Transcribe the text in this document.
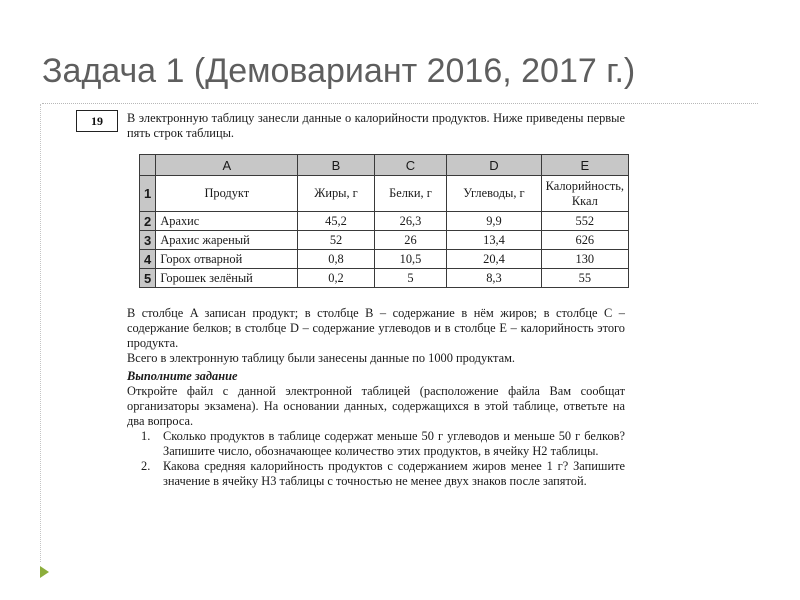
Задача 1 (Демовариант 2016, 2017 г.)
19	В электронную таблицу занесли данные о калорийности продуктов. Ниже приведены первые пять строк таблицы.
	A	B	C	D	E
1	Продукт	Жиры, г	Белки, г	Углеводы, г	Калорийность, Ккал
2	Арахис	45,2	26,3	9,9	552
3	Арахис жареный	52	26	13,4	626
4	Горох отварной	0,8	10,5	20,4	130
5	Горошек зелёный	0,2	5	8,3	55

В столбце A записан продукт; в столбце B – содержание в нём жиров; в столбце C – содержание белков; в столбце D – содержание углеводов и в столбце E – калорийность этого продукта.

Всего в электронную таблицу были занесены данные по 1000 продуктам.

Выполните задание

Откройте файл с данной электронной таблицей (расположение файла Вам сообщат организаторы экзамена). На основании данных, содержащихся в этой таблице, ответьте на два вопроса.

1.	Сколько продуктов в таблице содержат меньше 50 г углеводов и меньше 50 г белков? Запишите число, обозначающее количество этих продуктов, в ячейку H2 таблицы.
2.	Какова средняя калорийность продуктов с содержанием жиров менее 1 г? Запишите значение в ячейку H3 таблицы с точностью не менее двух знаков после запятой.
